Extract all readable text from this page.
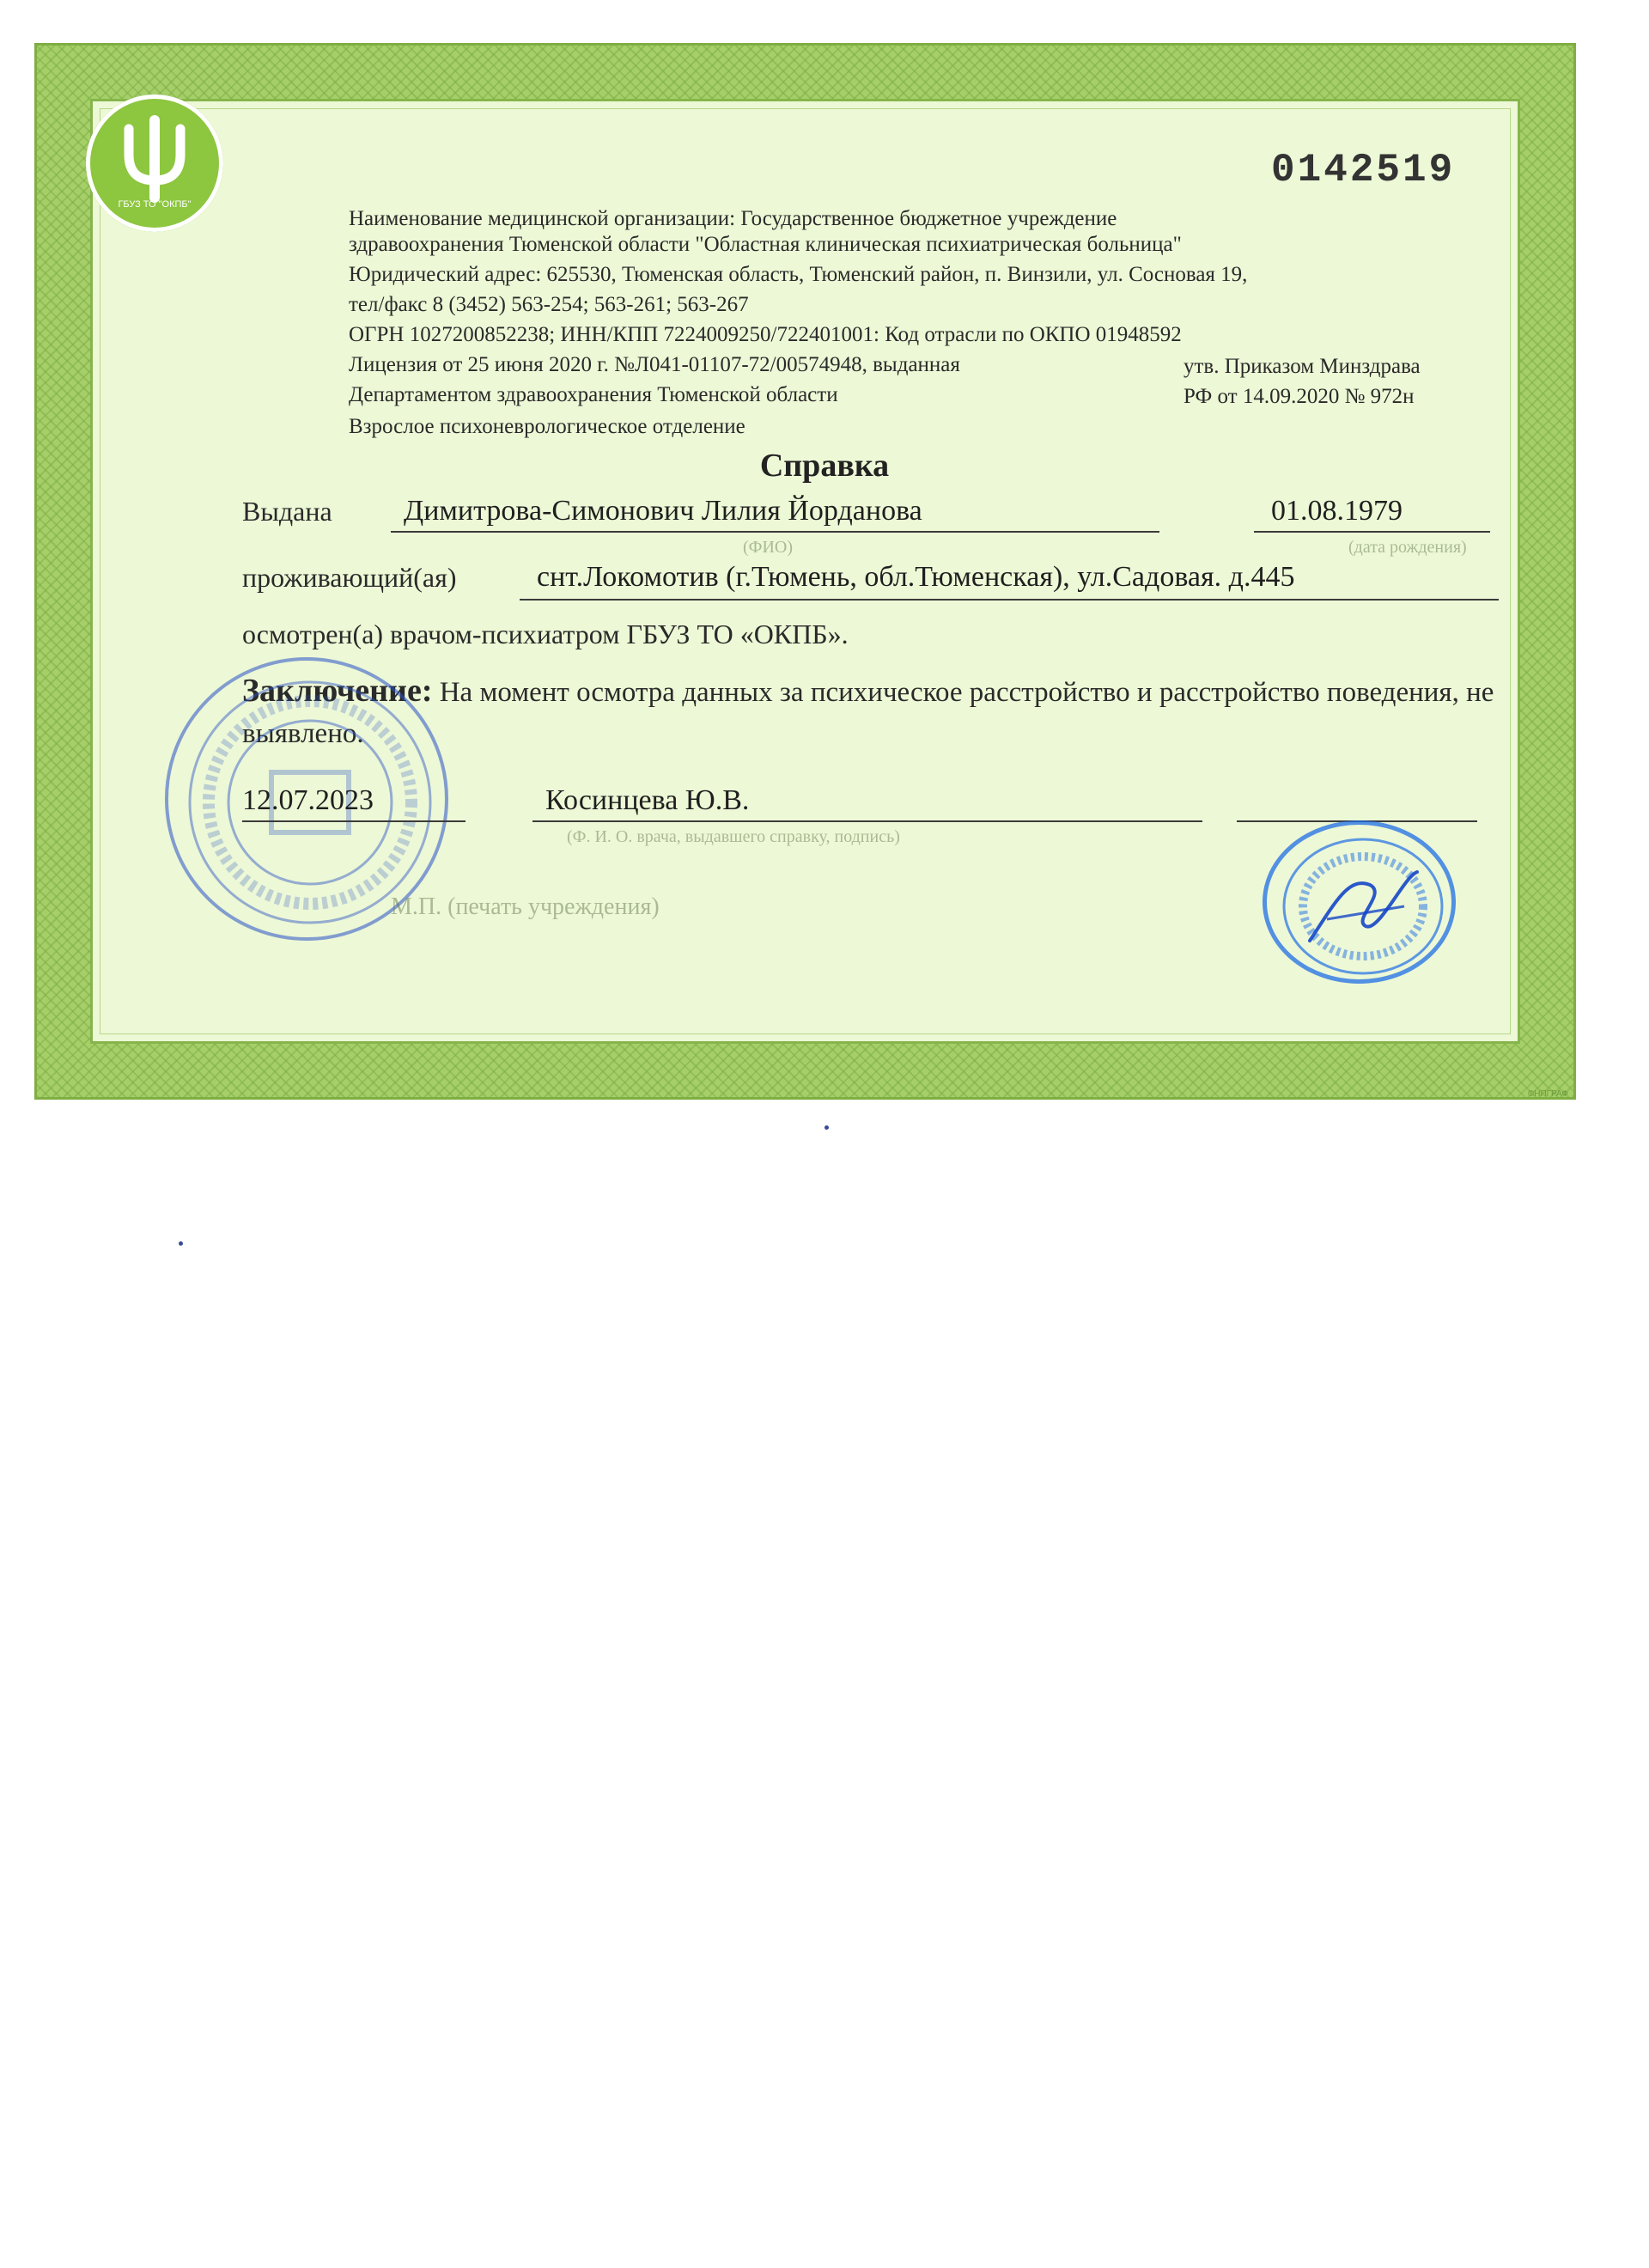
©НПГРАФ
ГБУЗ ТО "ОКПБ"
0142519
Наименование медицинской организации: Государственное бюджетное учреждение
здравоохранения Тюменской области "Областная клиническая психиатрическая больница"
Юридический адрес: 625530, Тюменская область, Тюменский район, п. Винзили, ул. Сосновая 19,
тел/факс 8 (3452) 563-254; 563-261; 563-267
ОГРН 1027200852238; ИНН/КПП 7224009250/722401001: Код отрасли по ОКПО 01948592
Лицензия от 25 июня 2020 г. №Л041-01107-72/00574948, выданная
Департаментом здравоохранения Тюменской области
Взрослое психоневрологическое отделение
утв. Приказом Минздрава
РФ от 14.09.2020 № 972н
Справка
Выдана Димитрова-Симонович Лилия Йорданова
(ФИО)
01.08.1979
(дата рождения)
проживающий(ая)	снт.Локомотив (г.Тюмень, обл.Тюменская), ул.Садовая. д.445
осмотрен(а) врачом-психиатром ГБУЗ ТО «ОКПБ».
Заключение: На момент осмотра данных за психическое расстройство и расстройство поведения, не выявлено.
12.07.2023	Косинцева Ю.В.
(Ф. И. О. врача, выдавшего справку, подпись)
М.П. (печать учреждения)
